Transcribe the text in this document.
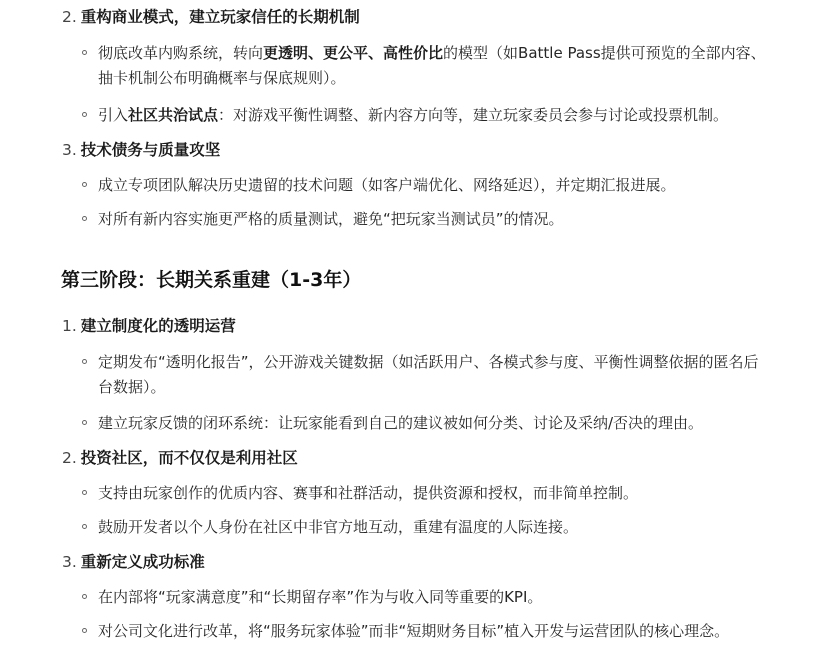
2. 重构商业模式，建立玩家信任的长期机制
彻底改革内购系统，转向更透明、更公平、高性价比的模型（如Battle Pass提供可预览的全部内容、
抽卡机制公布明确概率与保底规则）。
引入社区共治试点：对游戏平衡性调整、新内容方向等，建立玩家委员会参与讨论或投票机制。
3. 技术债务与质量攻坚
成立专项团队解决历史遗留的技术问题（如客户端优化、网络延迟），并定期汇报进展。
对所有新内容实施更严格的质量测试，避免“把玩家当测试员”的情况。
第三阶段：长期关系重建（1-3年）
1. 建立制度化的透明运营
定期发布“透明化报告”，公开游戏关键数据（如活跃用户、各模式参与度、平衡性调整依据的匿名后
台数据）。
建立玩家反馈的闭环系统：让玩家能看到自己的建议被如何分类、讨论及采纳/否决的理由。
2. 投资社区，而不仅仅是利用社区
支持由玩家创作的优质内容、赛事和社群活动，提供资源和授权，而非简单控制。
鼓励开发者以个人身份在社区中非官方地互动，重建有温度的人际连接。
3. 重新定义成功标准
在内部将“玩家满意度”和“长期留存率”作为与收入同等重要的KPI。
对公司文化进行改革，将“服务玩家体验”而非“短期财务目标”植入开发与运营团队的核心理念。
